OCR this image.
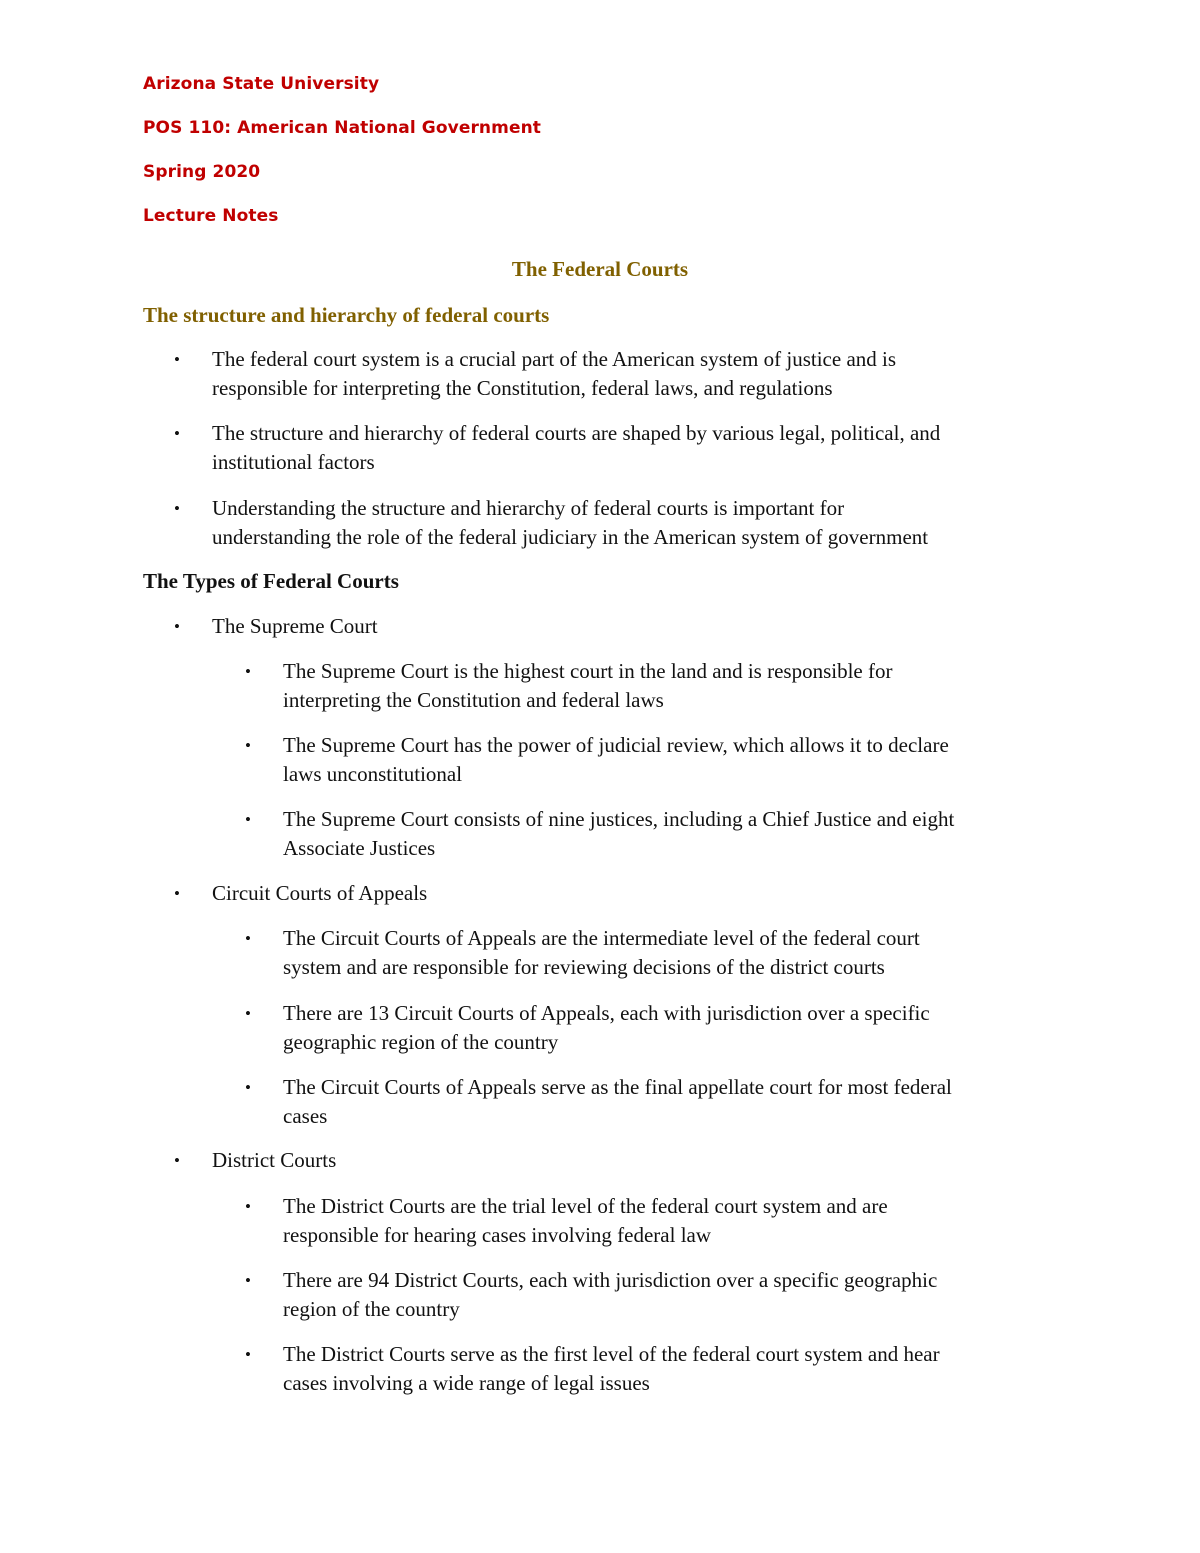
Arizona State University
POS 110: American National Government
Spring 2020
Lecture Notes
The Federal Courts
The structure and hierarchy of federal courts
• The federal court system is a crucial part of the American system of justice and is
responsible for interpreting the Constitution, federal laws, and regulations
• The structure and hierarchy of federal courts are shaped by various legal, political, and
institutional factors
• Understanding the structure and hierarchy of federal courts is important for
understanding the role of the federal judiciary in the American system of government
The Types of Federal Courts
• The Supreme Court
• The Supreme Court is the highest court in the land and is responsible for
interpreting the Constitution and federal laws
• The Supreme Court has the power of judicial review, which allows it to declare
laws unconstitutional
• The Supreme Court consists of nine justices, including a Chief Justice and eight
Associate Justices
• Circuit Courts of Appeals
• The Circuit Courts of Appeals are the intermediate level of the federal court
system and are responsible for reviewing decisions of the district courts
• There are 13 Circuit Courts of Appeals, each with jurisdiction over a specific
geographic region of the country
• The Circuit Courts of Appeals serve as the final appellate court for most federal
cases
• District Courts
• The District Courts are the trial level of the federal court system and are
responsible for hearing cases involving federal law
• There are 94 District Courts, each with jurisdiction over a specific geographic
region of the country
• The District Courts serve as the first level of the federal court system and hear
cases involving a wide range of legal issues
